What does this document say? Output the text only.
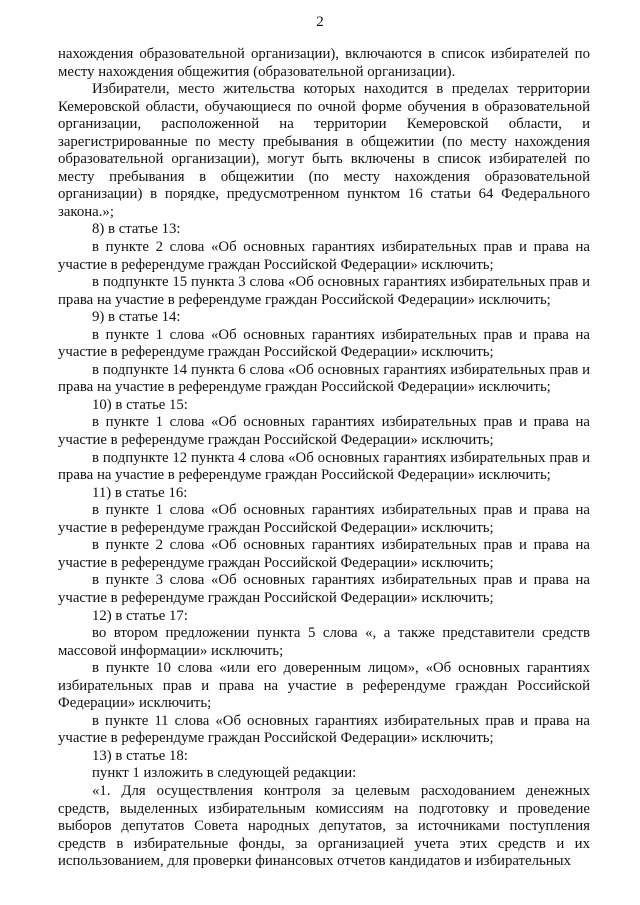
2

нахождения образовательной организации), включаются в список избирателей по месту нахождения общежития (образовательной организации).

Избиратели, место жительства которых находится в пределах территории Кемеровской области, обучающиеся по очной форме обучения в образовательной организации, расположенной на территории Кемеровской области, и зарегистрированные по месту пребывания в общежитии (по месту нахождения образовательной организации), могут быть включены в список избирателей по месту пребывания в общежитии (по месту нахождения образовательной организации) в порядке, предусмотренном пунктом 16 статьи 64 Федерального закона.»;

8) в статье 13:

в пункте 2 слова «Об основных гарантиях избирательных прав и права на участие в референдуме граждан Российской Федерации» исключить;

в подпункте 15 пункта 3 слова «Об основных гарантиях избирательных прав и права на участие в референдуме граждан Российской Федерации» исключить;

9) в статье 14:

в пункте 1 слова «Об основных гарантиях избирательных прав и права на участие в референдуме граждан Российской Федерации» исключить;

в подпункте 14 пункта 6 слова «Об основных гарантиях избирательных прав и права на участие в референдуме граждан Российской Федерации» исключить;

10) в статье 15:

в пункте 1 слова «Об основных гарантиях избирательных прав и права на участие в референдуме граждан Российской Федерации» исключить;

в подпункте 12 пункта 4 слова «Об основных гарантиях избирательных прав и права на участие в референдуме граждан Российской Федерации» исключить;

11) в статье 16:

в пункте 1 слова «Об основных гарантиях избирательных прав и права на участие в референдуме граждан Российской Федерации» исключить;

в пункте 2 слова «Об основных гарантиях избирательных прав и права на участие в референдуме граждан Российской Федерации» исключить;

в пункте 3 слова «Об основных гарантиях избирательных прав и права на участие в референдуме граждан Российской Федерации» исключить;

12) в статье 17:

во втором предложении пункта 5 слова «, а также представители средств массовой информации» исключить;

в пункте 10 слова «или его доверенным лицом», «Об основных гарантиях избирательных прав и права на участие в референдуме граждан Российской Федерации» исключить;

в пункте 11 слова «Об основных гарантиях избирательных прав и права на участие в референдуме граждан Российской Федерации» исключить;

13) в статье 18:

пункт 1 изложить в следующей редакции:

«1. Для осуществления контроля за целевым расходованием денежных средств, выделенных избирательным комиссиям на подготовку и проведение выборов депутатов Совета народных депутатов, за источниками поступления средств в избирательные фонды, за организацией учета этих средств и их использованием, для проверки финансовых отчетов кандидатов и избирательных
